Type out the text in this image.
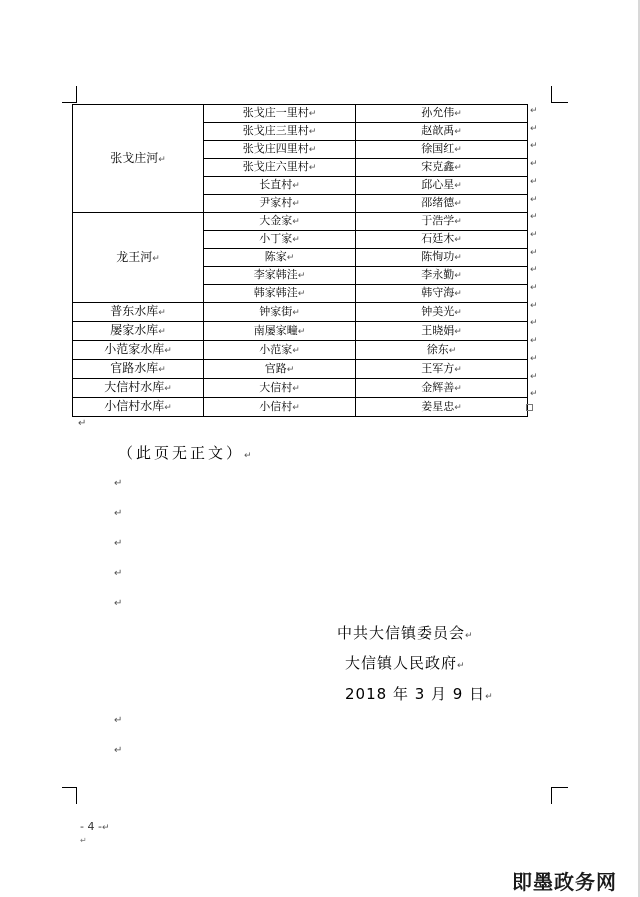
张戈庄河↵	张戈庄一里村↵	孙允伟↵
	张戈庄三里村↵	赵歆禹↵
	张戈庄四里村↵	徐国红↵
	张戈庄六里村↵	宋克鑫↵
	长直村↵	邱心星↵
	尹家村↵	邵绪德↵
龙王河↵	大金家↵	于浩学↵
	小丁家↵	石廷木↵
	陈家↵	陈恂功↵
	李家韩洼↵	李永勤↵
	韩家韩洼↵	韩守海↵
普东水库↵	钟家街↵	钟美光↵
屡家水库↵	南屡家疃↵	王晓娟↵
小范家水库↵	小范家↵	徐东↵
官路水库↵	官路↵	王军方↵
大信村水库↵	大信村↵	金辉善↵
小信村水库↵	小信村↵	姜星忠↵
↵
↵
↵
↵
↵
↵
↵
↵
↵
↵
↵
↵
↵
↵
↵
↵
↵
↵
（此页无正文）↵
↵
↵
↵
↵
↵
中共大信镇委员会↵
大信镇人民政府↵
2018 年 3 月 9 日↵
↵
↵
- 4 -↵
↵
即墨政务网
